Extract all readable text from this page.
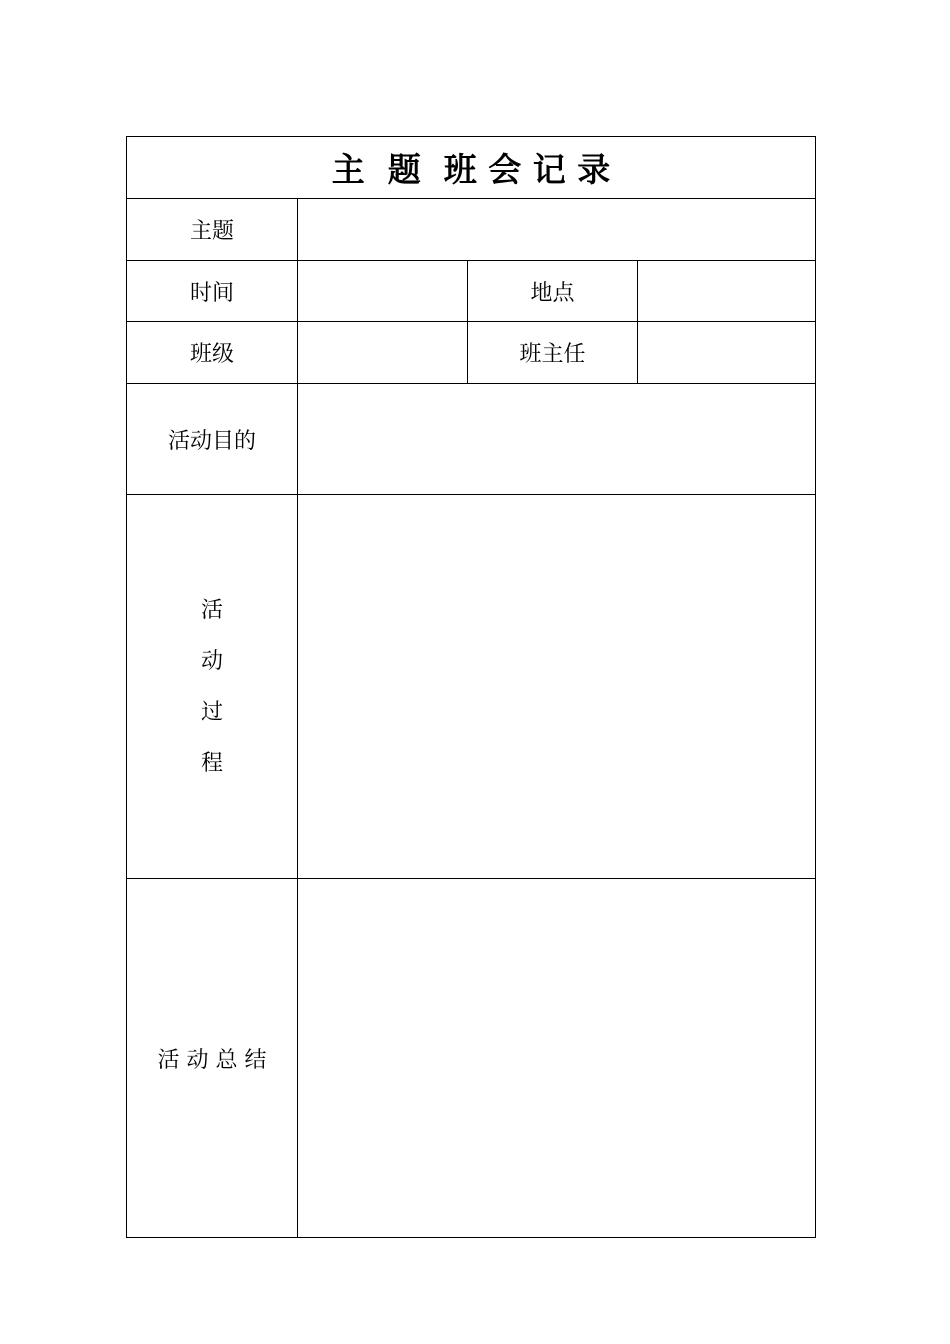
主  题  班 会 记 录
主题
时间	地点
班级	班主任
活动目的
活
动
过
程
活 动 总 结
